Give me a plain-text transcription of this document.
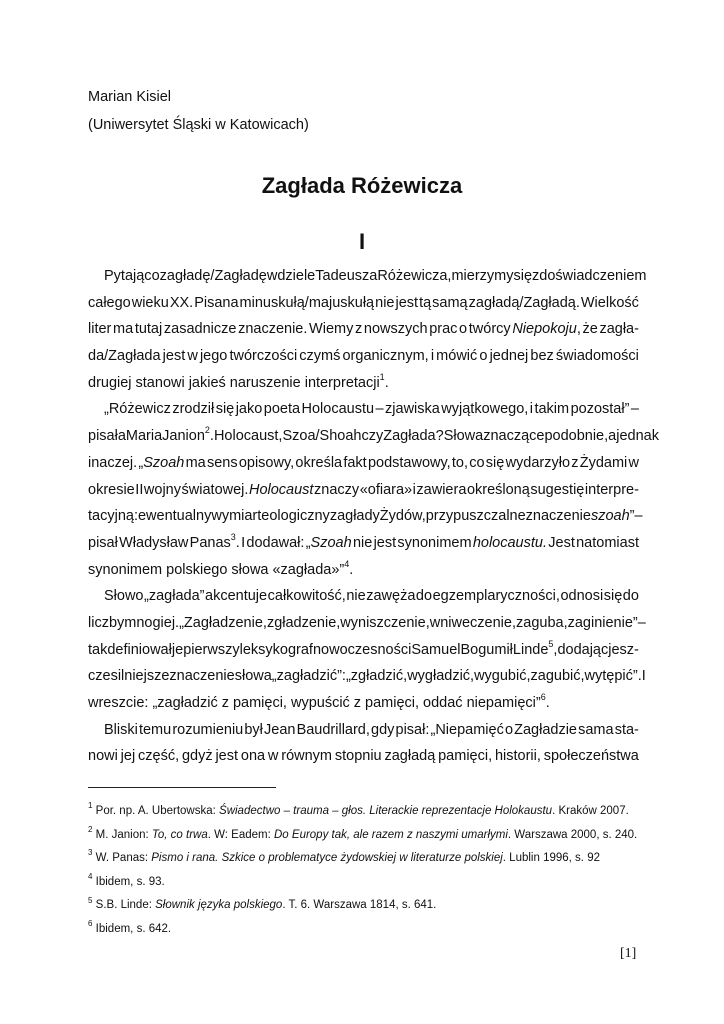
Marian Kisiel
(Uniwersytet Śląski w Katowicach)
Zagłada Różewicza
I
Pytając o zagładę/Zagładę w dziele Tadeusza Różewicza, mierzymy się z doświadczeniem
całego wieku XX. Pisana minuskułą/majuskułą nie jest tą samą zagładą/Zagładą. Wielkość
liter ma tutaj zasadnicze znaczenie. Wiemy z nowszych prac o twórcy Niepokoju, że zagła-
da/Zagłada jest w jego twórczości czymś organicznym, i mówić o jednej bez świadomości
drugiej stanowi jakieś naruszenie interpretacji$^1$.
„Różewicz zrodził się jako poeta Holocaustu – zjawiska wyjątkowego, i takim pozostał” –
pisała Maria Janion$^2$. Holocaust, Szoa/Shoah czy Zagłada? Słowa znaczące podobnie, a jednak
inaczej. „Szoah ma sens opisowy, określa fakt podstawowy, to, co się wydarzyło z Żydami w
okresie II wojny światowej. Holocaust znaczy «ofiara» i zawiera określoną sugestię interpre-
tacyjną: ewentualny wymiar teologiczny zagłady Żydów, przypuszczalne znaczenie szoah” –
pisał Władysław Panas$^3$. I dodawał: „Szoah nie jest synonimem holocaustu. Jest natomiast
synonimem polskiego słowa «zagłada»”$^4$.
Słowo „zagłada” akcentuje całkowitość, nie zawęża do egzemplaryczności, odnosi się do
liczby mnogiej. „Zagładzenie, zgładzenie, wyniszczenie, wniweczenie, zaguba, zaginienie” –
tak definiował je pierwszy leksykograf nowoczesności Samuel Bogumił Linde$^5$, dodając jesz-
cze silniejsze znaczenie słowa „zagładzić”: „zgładzić, wygładzić, wygubić, zagubić, wytępić”. I
wreszcie: „zagładzić z pamięci, wypuścić z pamięci, oddać niepamięci”$^6$.
Bliski temu rozumieniu był Jean Baudrillard, gdy pisał: „Niepamięć o Zagładzie sama sta-
nowi jej część, gdyż jest ona w równym stopniu zagładą pamięci, historii, społeczeństwa
$^1$ Por. np. A. Ubertowska: Świadectwo – trauma – głos. Literackie reprezentacje Holokaustu. Kraków 2007.
$^2$ M. Janion: To, co trwa. W: Eadem: Do Europy tak, ale razem z naszymi umarłymi. Warszawa 2000, s. 240.
$^3$ W. Panas: Pismo i rana. Szkice o problematyce żydowskiej w literaturze polskiej. Lublin 1996, s. 92
$^4$ Ibidem, s. 93.
$^5$ S.B. Linde: Słownik języka polskiego. T. 6. Warszawa 1814, s. 641.
$^6$ Ibidem, s. 642.
[1]
